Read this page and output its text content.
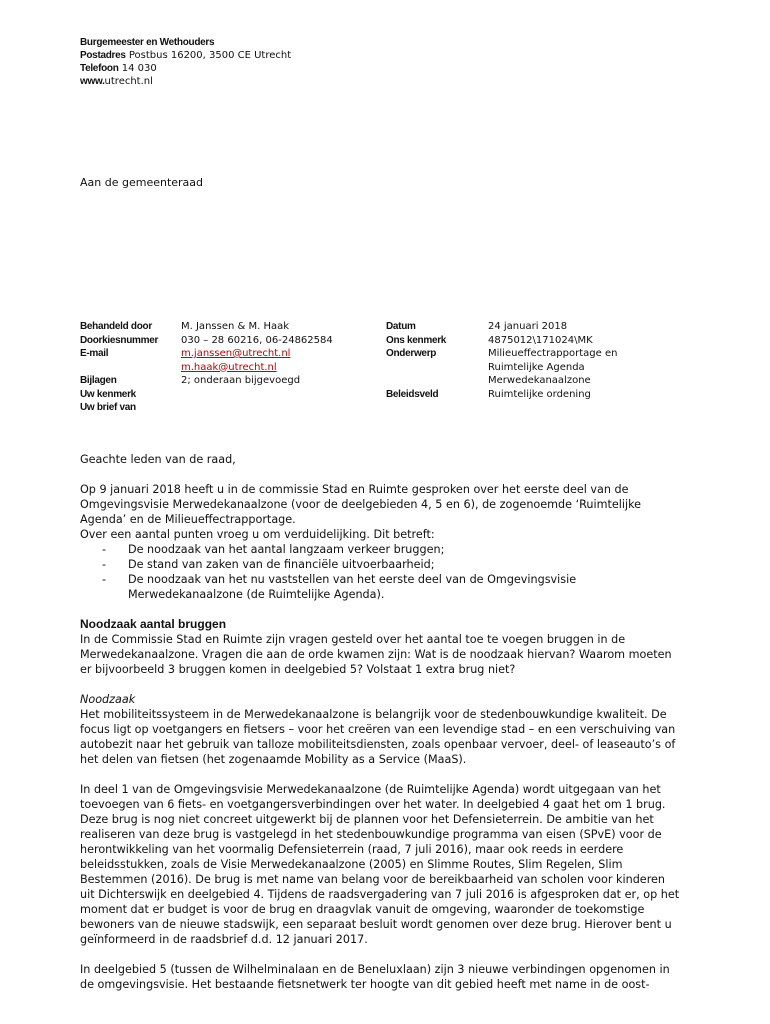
Burgemeester en Wethouders
Postadres Postbus 16200, 3500 CE Utrecht
Telefoon 14 030
www.utrecht.nl
Aan de gemeenteraad
Behandeld door	M. Janssen & M. Haak
Doorkiesnummer	030 – 28 60216, 06-24862584
E-mail	m.janssen@utrecht.nl
m.haak@utrecht.nl
Bijlagen	2; onderaan bijgevoegd
Uw kenmerk
Uw brief van
Datum	24 januari 2018
Ons kenmerk	4875012\171024\MK
Onderwerp	Milieueffectrapportage en Ruimtelijke Agenda Merwedekanaalzone
Beleidsveld	Ruimtelijke ordening

Geachte leden van de raad,

Op 9 januari 2018 heeft u in de commissie Stad en Ruimte gesproken over het eerste deel van de Omgevingsvisie Merwedekanaalzone (voor de deelgebieden 4, 5 en 6), de zogenoemde ‘Ruimtelijke Agenda’ en de Milieueffectrapportage.

Over een aantal punten vroeg u om verduidelijking. Dit betreft:

-	De noodzaak van het aantal langzaam verkeer bruggen;
-	De stand van zaken van de financiële uitvoerbaarheid;
-	De noodzaak van het nu vaststellen van het eerste deel van de Omgevingsvisie Merwedekanaalzone (de Ruimtelijke Agenda).

Noodzaak aantal bruggen

In de Commissie Stad en Ruimte zijn vragen gesteld over het aantal toe te voegen bruggen in de Merwedekanaalzone. Vragen die aan de orde kwamen zijn: Wat is de noodzaak hiervan? Waarom moeten er bijvoorbeeld 3 bruggen komen in deelgebied 5? Volstaat 1 extra brug niet?

Noodzaak

Het mobiliteitssysteem in de Merwedekanaalzone is belangrijk voor de stedenbouwkundige kwaliteit. De focus ligt op voetgangers en fietsers – voor het creëren van een levendige stad – en een verschuiving van autobezit naar het gebruik van talloze mobiliteitsdiensten, zoals openbaar vervoer, deel- of leaseauto’s of het delen van fietsen (het zogenaamde Mobility as a Service (MaaS).

In deel 1 van de Omgevingsvisie Merwedekanaalzone (de Ruimtelijke Agenda) wordt uitgegaan van het toevoegen van 6 fiets- en voetgangersverbindingen over het water. In deelgebied 4 gaat het om 1 brug. Deze brug is nog niet concreet uitgewerkt bij de plannen voor het Defensieterrein. De ambitie van het realiseren van deze brug is vastgelegd in het stedenbouwkundige programma van eisen (SPvE) voor de herontwikkeling van het voormalig Defensieterrein (raad, 7 juli 2016), maar ook reeds in eerdere beleidsstukken, zoals de Visie Merwedekanaalzone (2005) en Slimme Routes, Slim Regelen, Slim Bestemmen (2016). De brug is met name van belang voor de bereikbaarheid van scholen voor kinderen uit Dichterswijk en deelgebied 4. Tijdens de raadsvergadering van 7 juli 2016 is afgesproken dat er, op het moment dat er budget is voor de brug en draagvlak vanuit de omgeving, waaronder de toekomstige bewoners van de nieuwe stadswijk, een separaat besluit wordt genomen over deze brug. Hierover bent u geïnformeerd in de raadsbrief d.d. 12 januari 2017.

In deelgebied 5 (tussen de Wilhelminalaan en de Beneluxlaan) zijn 3 nieuwe verbindingen opgenomen in de omgevingsvisie. Het bestaande fietsnetwerk ter hoogte van dit gebied heeft met name in de oost-
